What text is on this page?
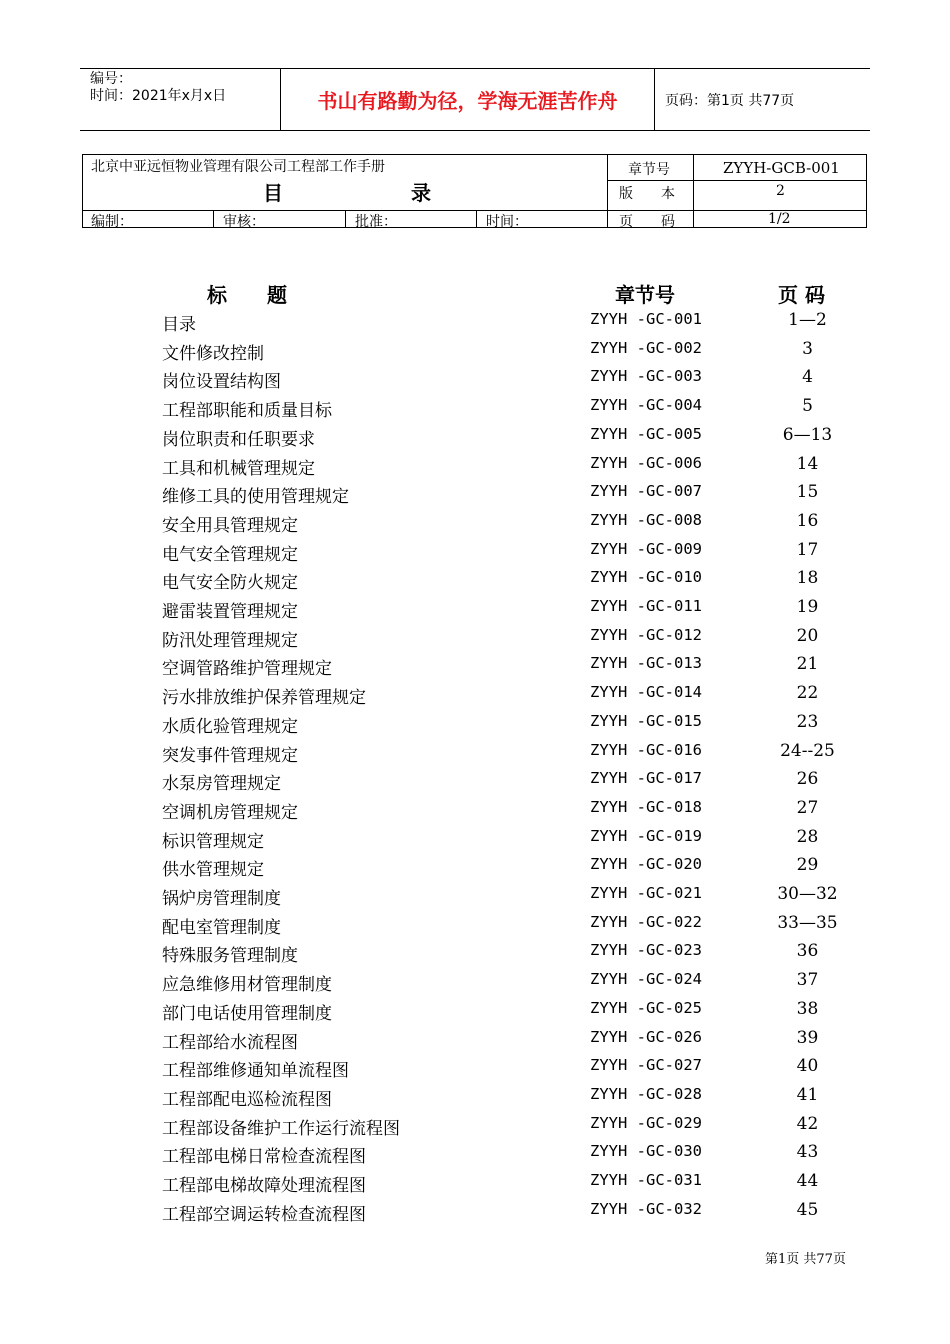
编号：
时间：2021年x月x日	书山有路勤为径，学海无涯苦作舟	页码：第1页 共77页
北京中亚远恒物业管理有限公司工程部工作手册
目	录
章节号	ZYYH-GCB-001
版　　本	2
编制：	审核：	批准：	时间：	页　　码	1/2
标　　题	章节号	页 码
目录	ZYYH -GC-001	1—2
文件修改控制	ZYYH -GC-002	3
岗位设置结构图	ZYYH -GC-003	4
工程部职能和质量目标	ZYYH -GC-004	5
岗位职责和任职要求	ZYYH -GC-005	6—13
工具和机械管理规定	ZYYH -GC-006	14
维修工具的使用管理规定	ZYYH -GC-007	15
安全用具管理规定	ZYYH -GC-008	16
电气安全管理规定	ZYYH -GC-009	17
电气安全防火规定	ZYYH -GC-010	18
避雷装置管理规定	ZYYH -GC-011	19
防汛处理管理规定	ZYYH -GC-012	20
空调管路维护管理规定	ZYYH -GC-013	21
污水排放维护保养管理规定	ZYYH -GC-014	22
水质化验管理规定	ZYYH -GC-015	23
突发事件管理规定	ZYYH -GC-016	24--25
水泵房管理规定	ZYYH -GC-017	26
空调机房管理规定	ZYYH -GC-018	27
标识管理规定	ZYYH -GC-019	28
供水管理规定	ZYYH -GC-020	29
锅炉房管理制度	ZYYH -GC-021	30—32
配电室管理制度	ZYYH -GC-022	33—35
特殊服务管理制度	ZYYH -GC-023	36
应急维修用材管理制度	ZYYH -GC-024	37
部门电话使用管理制度	ZYYH -GC-025	38
工程部给水流程图	ZYYH -GC-026	39
工程部维修通知单流程图	ZYYH -GC-027	40
工程部配电巡检流程图	ZYYH -GC-028	41
工程部设备维护工作运行流程图	ZYYH -GC-029	42
工程部电梯日常检查流程图	ZYYH -GC-030	43
工程部电梯故障处理流程图	ZYYH -GC-031	44
工程部空调运转检查流程图	ZYYH -GC-032	45
第1页 共77页
